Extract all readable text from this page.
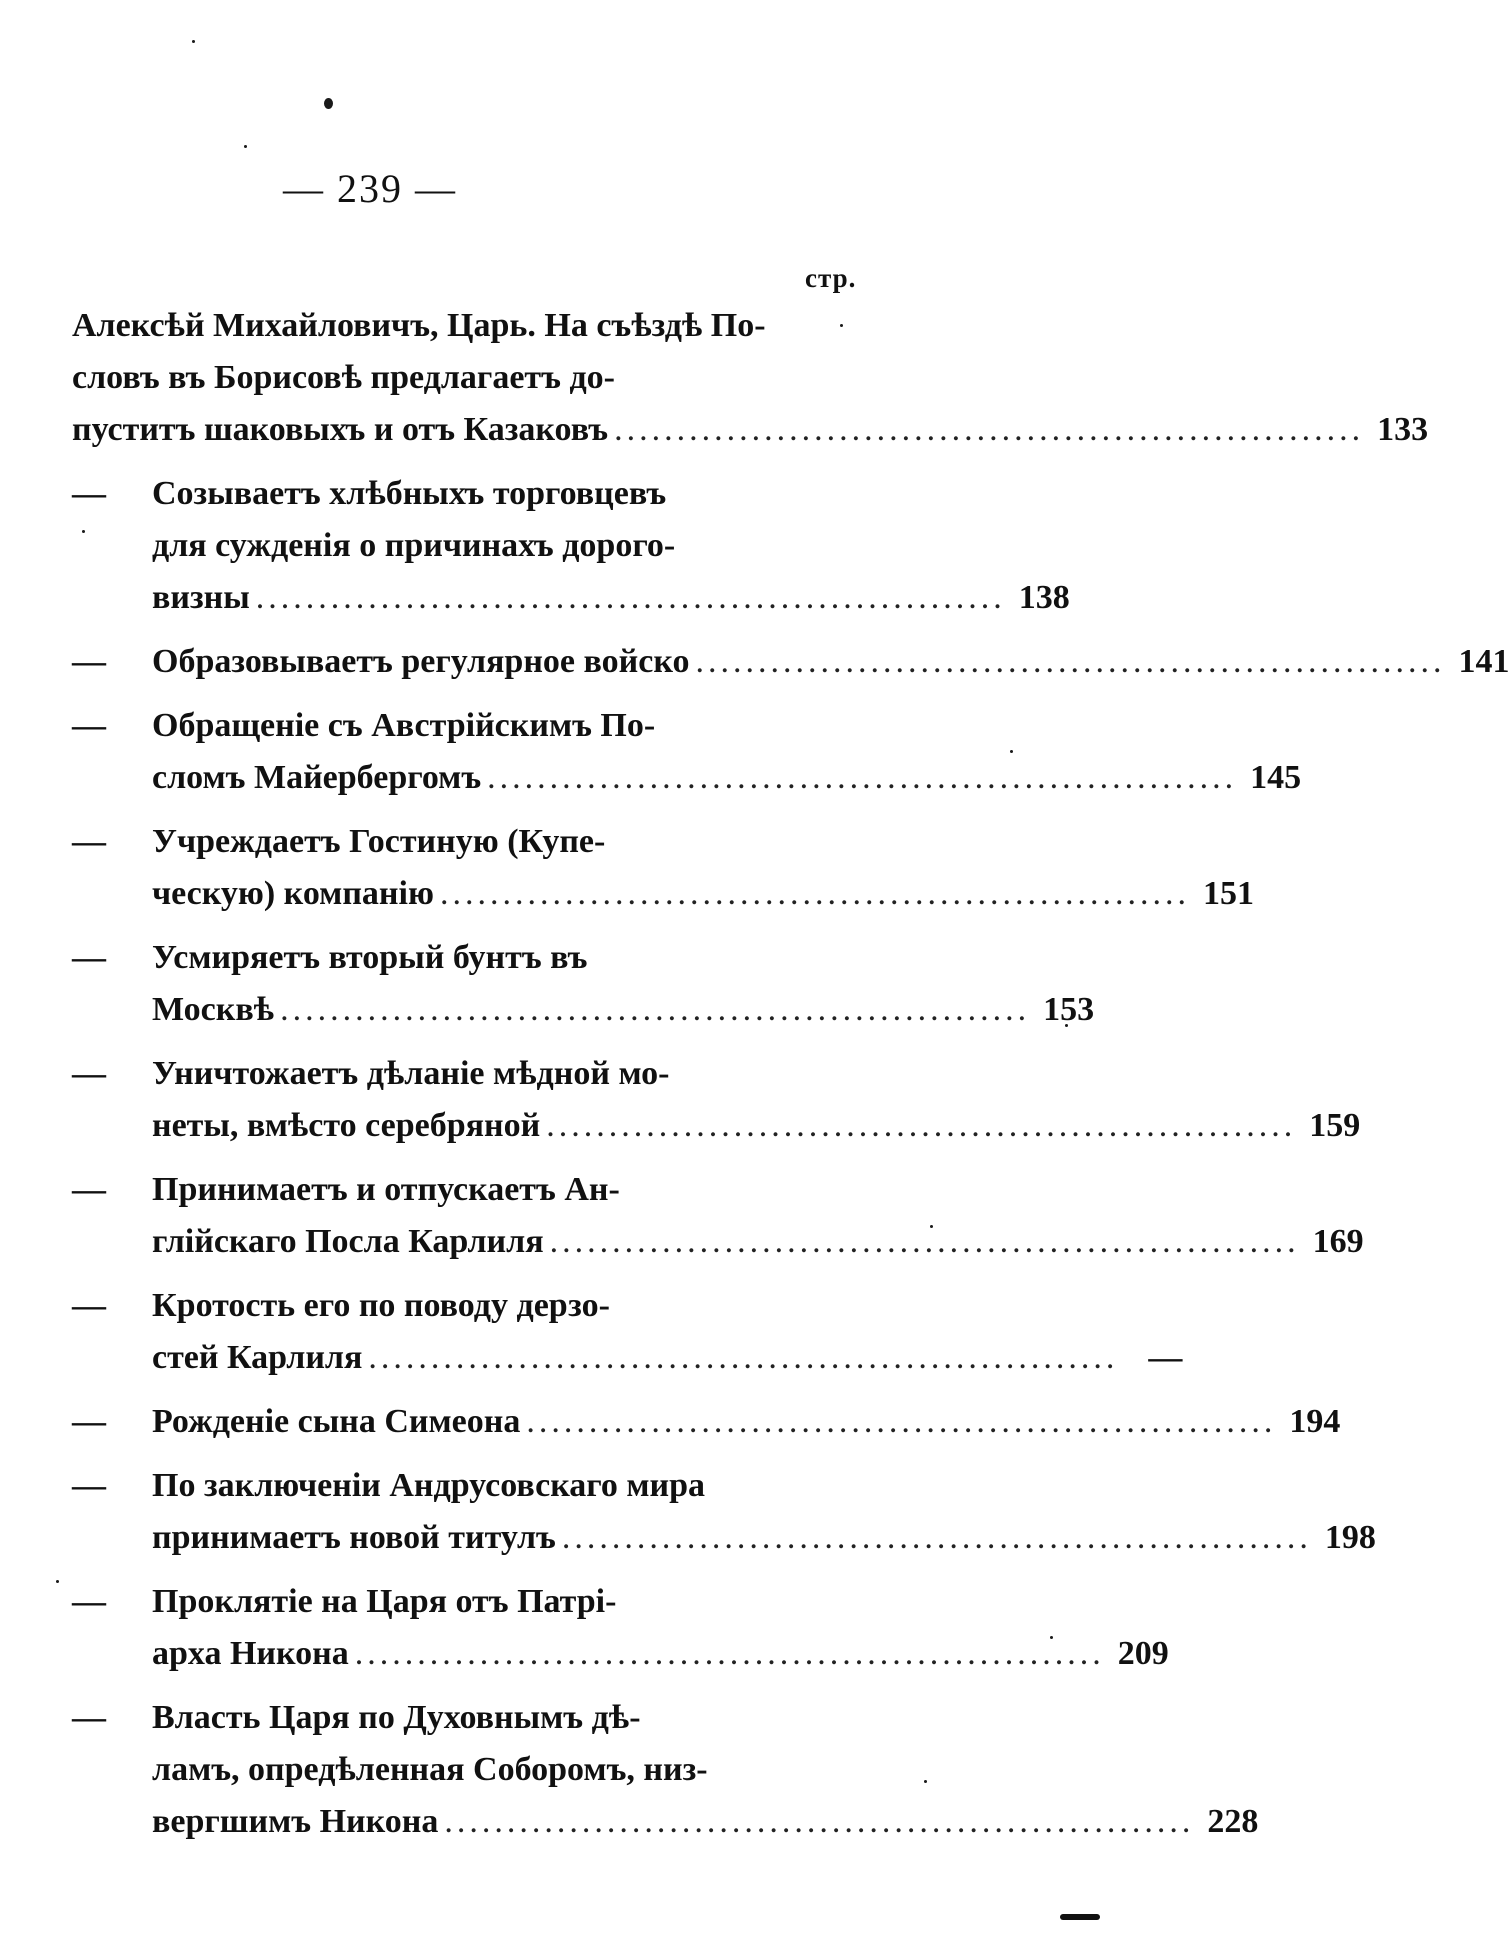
— 239 —
стр.
Алексѣй Михайловичъ, Царь. На съѣздѣ По-
словъ въ Борисовѣ предлагаетъ до-
пуститъ шаковыхъ и отъ Казаковъ ............................................................ 133
—	Созываетъ хлѣбныхъ торговцевъ
для сужденія о причинахъ дорого-
визны ............................................................ 138
—	Образовываетъ регулярное войско ............................................................ 141
—	Обращеніе съ Австрійскимъ По-
сломъ Майербергомъ ............................................................ 145
—	Учреждаетъ Гостиную (Купе-
ческую) компанію ............................................................ 151
—	Усмиряетъ вторый бунтъ въ
Москвѣ ............................................................ 153
—	Уничтожаетъ дѣланіе мѣдной мо-
неты, вмѣсто серебряной ............................................................ 159
—	Принимаетъ и отпускаетъ Ан-
глійскаго Посла Карлиля ............................................................ 169
—	Кротость его по поводу дерзо-
стей Карлиля ............................................................ —
—	Рожденіе сына Симеона ............................................................ 194
—	По заключеніи Андрусовскаго мира
принимаетъ новой титулъ ............................................................ 198
—	Проклятіе на Царя отъ Патрі-
арха Никона ............................................................ 209
—	Власть Царя по Духовнымъ дѣ-
ламъ, опредѣленная Соборомъ, низ-
вергшимъ Никона ............................................................ 228
